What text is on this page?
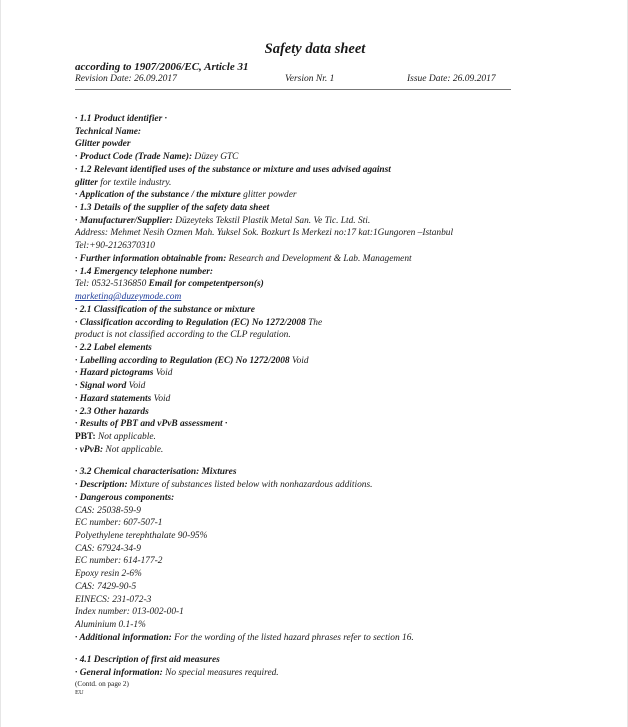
Safety data sheet
according to 1907/2006/EC, Article 31
Revision Date: 26.09.2017	Version Nr. 1	Issue Date: 26.09.2017
· 1.1 Product identifier ·
Technical Name:
Glitter powder
· Product Code (Trade Name): Düzey GTC
· 1.2 Relevant identified uses of the substance or mixture and uses advised against
glitter for textile industry.
· Application of the substance / the mixture glitter powder
· 1.3 Details of the supplier of the safety data sheet
· Manufacturer/Supplier: Düzeyteks Tekstil Plastik Metal San. Ve Tic. Ltd. Sti.
Address: Mehmet Nesih Ozmen Mah. Yuksel Sok. Bozkurt Is Merkezi no:17 kat:1Gungoren –Istanbul
Tel:+90-2126370310
· Further information obtainable from: Research and Development & Lab. Management
· 1.4 Emergency telephone number:
Tel: 0532-5136850 Email for competentperson(s)
marketing@duzeymode.com
· 2.1 Classification of the substance or mixture
· Classification according to Regulation (EC) No 1272/2008 The
product is not classified according to the CLP regulation.
· 2.2 Label elements
· Labelling according to Regulation (EC) No 1272/2008 Void
· Hazard pictograms Void
· Signal word Void
· Hazard statements Void
· 2.3 Other hazards
· Results of PBT and vPvB assessment ·
PBT: Not applicable.
· vPvB: Not applicable.
· 3.2 Chemical characterisation: Mixtures
· Description: Mixture of substances listed below with nonhazardous additions.
· Dangerous components:
CAS: 25038-59-9
EC number: 607-507-1
Polyethylene terephthalate 90-95%
CAS: 67924-34-9
EC number: 614-177-2
Epoxy resin 2-6%
CAS: 7429-90-5
EINECS: 231-072-3
Index number: 013-002-00-1
Aluminium 0.1-1%
· Additional information: For the wording of the listed hazard phrases refer to section 16.
· 4.1 Description of first aid measures
· General information: No special measures required.
(Contd. on page 2)
EU
